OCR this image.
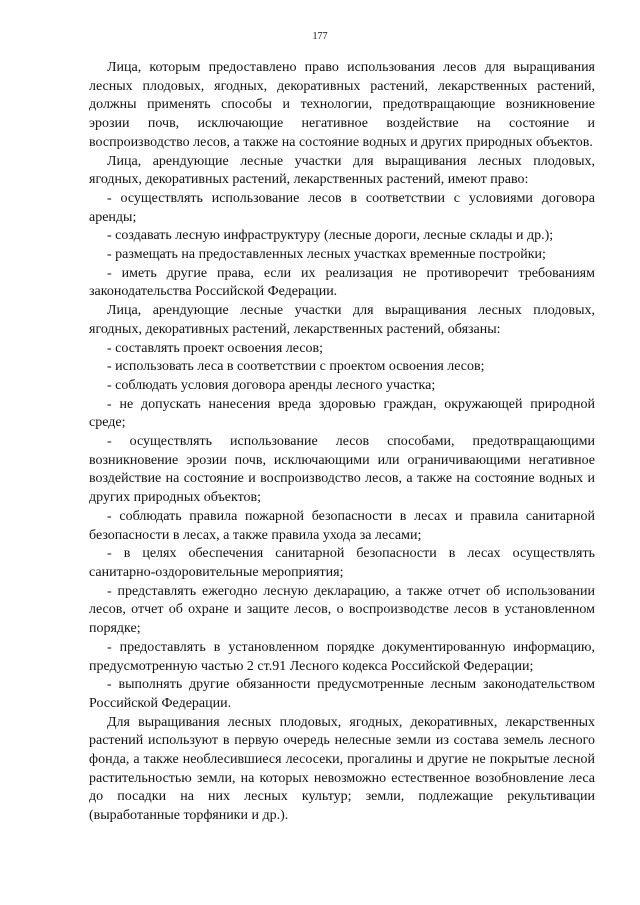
177

Лица, которым предоставлено право использования лесов для выращивания лесных плодовых, ягодных, декоративных растений, лекарственных растений, должны применять способы и технологии, предотвращающие возникновение эрозии почв, исключающие негативное воздействие на состояние и воспроизводство лесов, а также на состояние водных и других природных объектов.

Лица, арендующие лесные участки для выращивания лесных плодовых, ягодных, декоративных растений, лекарственных растений, имеют право:

- осуществлять использование лесов в соответствии с условиями договора аренды;

- создавать лесную инфраструктуру (лесные дороги, лесные склады и др.);

- размещать на предоставленных лесных участках временные постройки;

- иметь другие права, если их реализация не противоречит требованиям законодательства Российской Федерации.

Лица, арендующие лесные участки для выращивания лесных плодовых, ягодных, декоративных растений, лекарственных растений, обязаны:

- составлять проект освоения лесов;

- использовать леса в соответствии с проектом освоения лесов;

- соблюдать условия договора аренды лесного участка;

- не допускать нанесения вреда здоровью граждан, окружающей природной среде;

- осуществлять использование лесов способами, предотвращающими возникновение эрозии почв, исключающими или ограничивающими негативное воздействие на состояние и воспроизводство лесов, а также на состояние водных и других природных объектов;

- соблюдать правила пожарной безопасности в лесах и правила санитарной безопасности в лесах, а также правила ухода за лесами;

- в целях обеспечения санитарной безопасности в лесах осуществлять санитарно-оздоровительные мероприятия;

- представлять ежегодно лесную декларацию, а также отчет об использовании лесов, отчет об охране и защите лесов, о воспроизводстве лесов в установленном порядке;

- предоставлять в установленном порядке документированную информацию, предусмотренную частью 2 ст.91 Лесного кодекса Российской Федерации;

- выполнять другие обязанности предусмотренные лесным законодательством Российской Федерации.

Для выращивания лесных плодовых, ягодных, декоративных, лекарственных растений используют в первую очередь нелесные земли из состава земель лесного фонда, а также необлесившиеся лесосеки, прогалины и другие не покрытые лесной растительностью земли, на которых невозможно естественное возобновление леса до посадки на них лесных культур; земли, подлежащие рекультивации (выработанные торфяники и др.).
